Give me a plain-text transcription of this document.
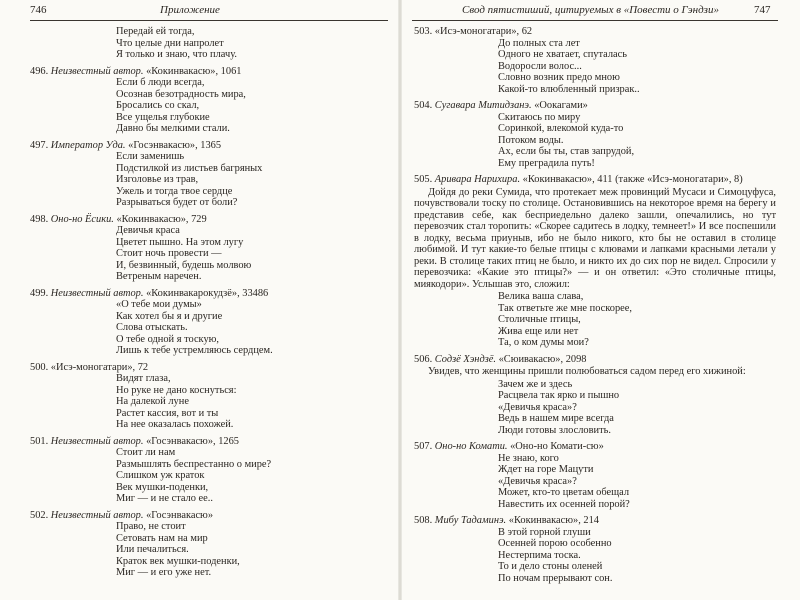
746	Приложение
Передай ей тогда,
Что целые дни напролет
Я только и знаю, что плачу.
496. Неизвестный автор. «Кокинвакасю», 1061
Если б люди всегда,
Осознав безотрадность мира,
Бросались со скал,
Все ущелья глубокие
Давно бы мелкими стали.
497. Император Уда. «Госэнвакасю», 1365
Если заменишь
Подстилкой из листьев багряных
Изголовье из трав,
Ужель и тогда твое сердце
Разрываться будет от боли?
498. Оно-но Ёсики. «Кокинвакасю», 729
Девичья краса
Цветет пышно. На этом лугу
Стоит ночь провести —
И, безвинный, будешь молвою
Ветреным наречен.
499. Неизвестный автор. «Кокинвакарокудзё», 33486
«О тебе мои думы»
Как хотел бы я и другие
Слова отыскать.
О тебе одной я тоскую,
Лишь к тебе устремляюсь сердцем.
500. «Исэ-моногатари», 72
Видят глаза,
Но руке не дано коснуться:
На далекой луне
Растет кассия, вот и ты
На нее оказалась похожей.
501. Неизвестный автор. «Госэнвакасю», 1265
Стоит ли нам
Размышлять беспрестанно о мире?
Слишком уж краток
Век мушки-поденки,
Миг — и не стало ее..
502. Неизвестный автор. «Госэнвакасю»
Право, не стоит
Сетовать нам на мир
Или печалиться.
Краток век мушки-поденки,
Миг — и его уже нет.
Свод пятистиший, цитируемых в «Повести о Гэндзи»	747
503. «Исэ-моногатари», 62
До полных ста лет
Одного не хватает, спуталась
Водоросли волос...
Словно возник предо мною
Какой-то влюбленный призрак..
504. Сугавара Митидзанэ. «Оокагами»
Скитаюсь по миру
Соринкой, влекомой куда-то
Потоком воды.
Ах, если бы ты, став запрудой,
Ему преградила путь!
505. Аривара Нарихира. «Кокинвакасю», 411 (также «Исэ-моногатари», 8)
Дойдя до реки Сумида, что протекает меж провинций Мусаси и Симоцуфуса, почувствовали тоску по столице. Остановившись на некоторое время на берегу и представив себе, как бесприедельно далеко зашли, опечалились, но тут перевозчик стал торопить: «Скорее садитесь в лодку, темнеет!» И все поспешили в лодку, весьма приуныв, ибо не было никого, кто бы не оставил в столице любимой. И тут какие-то белые птицы с клювами и лапками красными летали у реки. В столице таких птиц не было, и никто их до сих пор не видел. Спросили у перевозчика: «Какие это птицы?» — и он ответил: «Это столичные птицы, миякодори». Услышав это, сложил:
Велика ваша слава,
Так ответьте же мне поскорее,
Столичные птицы,
Жива еще или нет
Та, о ком думы мои?
506. Содзё Хэндзё. «Сюивакасю», 2098
Увидев, что женщины пришли полюбоваться садом перед его хижиной:
Зачем же и здесь
Расцвела так ярко и пышно
«Девичья краса»?
Ведь в нашем мире всегда
Люди готовы злословить.
507. Оно-но Комати. «Оно-но Комати-сю»
Не знаю, кого
Ждет на горе Мацути
«Девичья краса»?
Может, кто-то цветам обещал
Навестить их осенней порой?
508. Мибу Тадаминэ. «Кокинвакасю», 214
В этой горной глуши
Осенней порою особенно
Нестерпима тоска.
То и дело стоны оленей
По ночам прерывают сон.
